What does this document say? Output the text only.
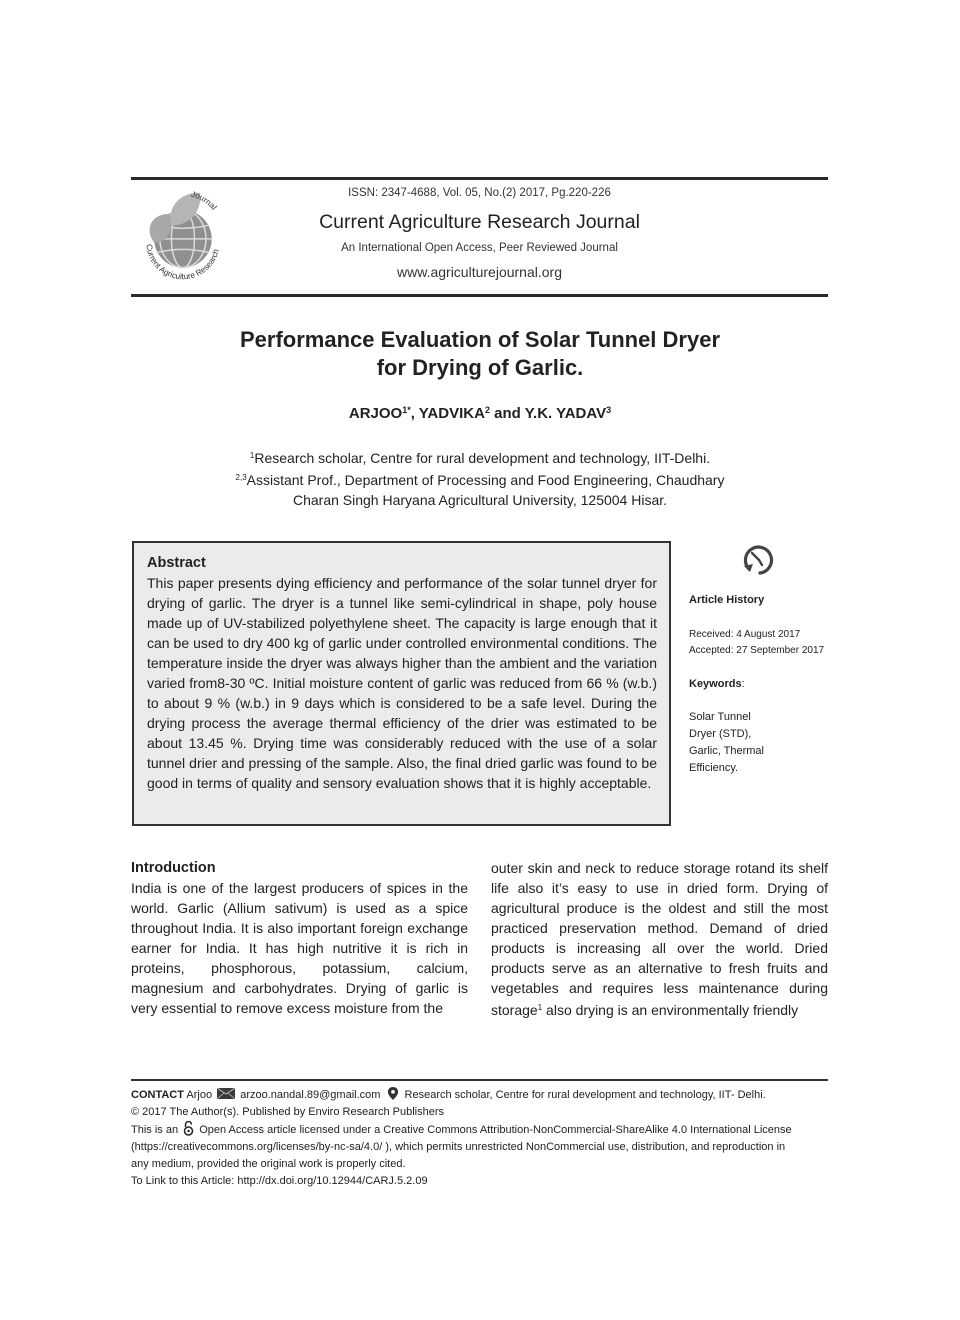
Current Agriculture Research
Journal
ISSN: 2347-4688, Vol. 05, No.(2) 2017, Pg.220-226
Current Agriculture Research Journal
An International Open Access, Peer Reviewed Journal
www.agriculturejournal.org
Performance Evaluation of Solar Tunnel Dryer
for Drying of Garlic.
$ARJOO^{1*}$, YADVIKA$^2$ and Y.K. YADAV$^3$
$^1$Research scholar, Centre for rural development and technology, IIT-Delhi.
$^{2,3}$Assistant Prof., Department of Processing and Food Engineering, Chaudhary
Charan Singh Haryana Agricultural University, 125004 Hisar.
Abstract
This paper presents dying efficiency and performance of the solar tunnel dryer for drying of garlic. The dryer is a tunnel like semi-cylindrical in shape, poly house made up of UV-stabilized polyethylene sheet. The capacity is large enough that it can be used to dry 400 kg of garlic under controlled environmental conditions. The temperature inside the dryer was always higher than the ambient and the variation varied from8-30 ºC. Initial moisture content of garlic was reduced from 66 % (w.b.) to about 9 % (w.b.) in 9 days which is considered to be a safe level. During the drying process the average thermal efficiency of the drier was estimated to be about 13.45 %. Drying time was considerably reduced with the use of a solar tunnel drier and pressing of the sample. Also, the final dried garlic was found to be good in terms of quality and sensory evaluation shows that it is highly acceptable.
Article History
Received: 4 August 2017
Accepted: 27 September 2017
Keywords:
Solar Tunnel
Dryer (STD),
Garlic, Thermal
Efficiency.
Introduction
India is one of the largest producers of spices in the world. Garlic (Allium sativum) is used as a spice throughout India. It is also important foreign exchange earner for India. It has high nutritive it is rich in proteins, phosphorous, potassium, calcium, magnesium and carbohydrates. Drying of garlic is very essential to remove excess moisture from the
outer skin and neck to reduce storage rotand its shelf life also it’s easy to use in dried form. Drying of agricultural produce is the oldest and still the most practiced preservation method. Demand of dried products is increasing all over the world. Dried products serve as an alternative to fresh fruits and vegetables and requires less maintenance during storage$^1$ also drying is an environmentally friendly
CONTACT Arjoo	arzoo.nandal.89@gmail.com Research scholar, Centre for rural development and technology, IIT- Delhi.
© 2017 The Author(s). Published by Enviro Research Publishers
This is an Open Access article licensed under a Creative Commons Attribution-NonCommercial-ShareAlike 4.0 International License
(https://creativecommons.org/licenses/by-nc-sa/4.0/ ), which permits unrestricted NonCommercial use, distribution, and reproduction in
any medium, provided the original work is properly cited.
To Link to this Article: http://dx.doi.org/10.12944/CARJ.5.2.09
